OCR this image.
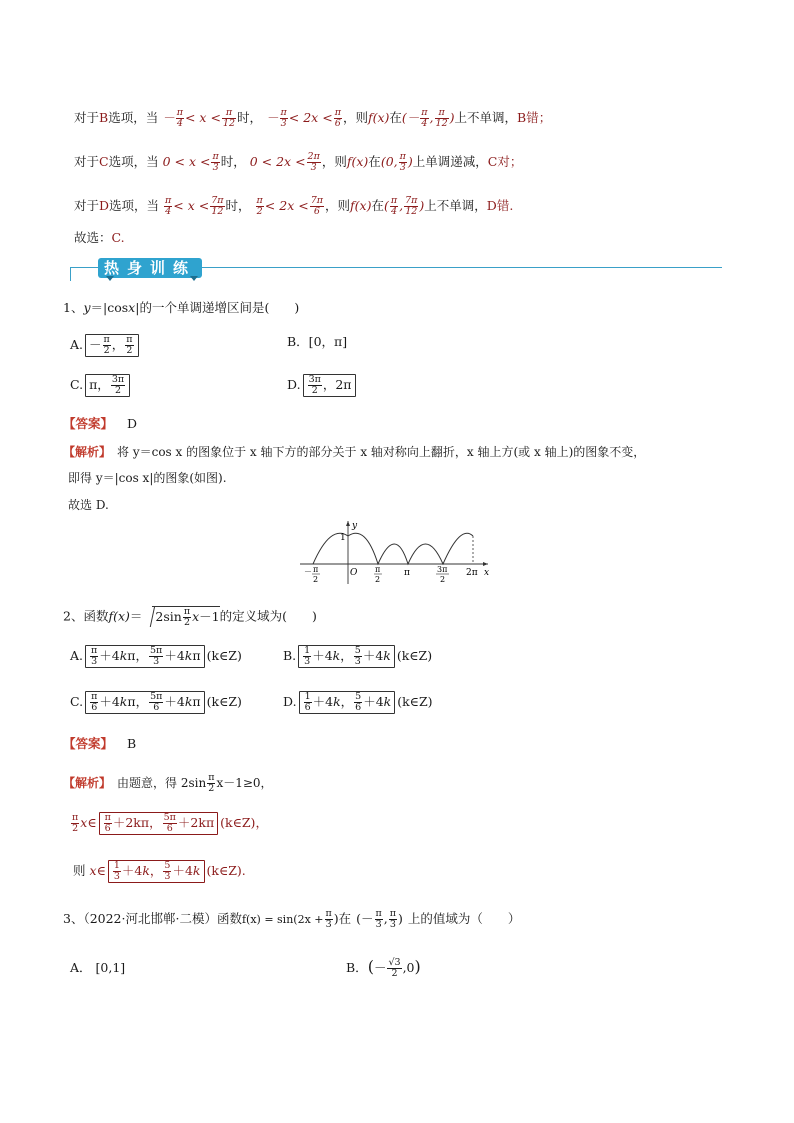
对于B选项，当 － $\frac{\pi}{4} < x < \frac{\pi}{12}$ 时， － $\frac{\pi}{3} < 2x < \frac{\pi}{6}$ ，则f(x)在(－ $\frac{\pi}{4}$ , $\frac{\pi}{12}$ )上不单调，B错；
对于C选项，当 $0 < x < \frac{\pi}{3}$ 时， $0 < 2x < \frac{2\pi}{3}$ ，则f(x)在(0, $\frac{\pi}{3}$ )上单调递减，C对；
对于D选项，当 $\frac{\pi}{4} < x < \frac{7\pi}{12}$ 时， $\frac{\pi}{2} < 2x < \frac{7\pi}{6}$ ，则f(x)在( $\frac{\pi}{4}$ , $\frac{7\pi}{12}$ )上不单调，D错.
故选：C.
热身训练
1、y＝|cosx|的一个单调递增区间是(　　)
A. － $\frac{\pi}{2}$ ， $\frac{\pi}{2}$	B．[0，π]
C. π， $\frac{3\pi}{2}$	D. $\frac{3\pi}{2}$ ，2π
【答案】 D
【解析】　将 y＝cos x 的图象位于 x 轴下方的部分关于 x 轴对称向上翻折，x 轴上方(或 x 轴上)的图象不变，
即得 y＝|cos x|的图象(如图).
故选 D.
y
x
1
O	π	2π
－ π
2
π
2
3π
2
2、函数$f(x)= 2\sin \frac{\pi}{2} x-1$的定义域为(　　)
A. $\frac{\pi}{3} +4k\pi$， $\frac{5\pi}{3} +4k\pi$ (k∈Z)	B. $\frac{1}{3} +4k$， $\frac{5}{3} +4k$ (k∈Z)
C. $\frac{\pi}{6} +4k\pi$， $\frac{5\pi}{6} +4k\pi$ (k∈Z)	D. $\frac{1}{6} +4k$， $\frac{5}{6} +4k$ (k∈Z)
【答案】 B
【解析】　由题意，得 $2\sin \frac{\pi}{2} x-1\ge 0$，
$\frac{\pi}{2}$ x∈ $\frac{\pi}{6} +2k\pi$， $\frac{5\pi}{6} +2k\pi$ (k∈Z)，
则 x∈ $\frac{1}{3} +4k$， $\frac{5}{3} +4k$ (k∈Z).
3、（2022·河北邯郸·二模）函数$f(x) = \sin(2x + \frac{\pi}{3}$ )在 (－ $\frac{\pi}{3}$ , $\frac{\pi}{3}$ ) 上的值域为（　　）
A． [0,1]	B．(－ $\frac{√3}{2} ,0$)
